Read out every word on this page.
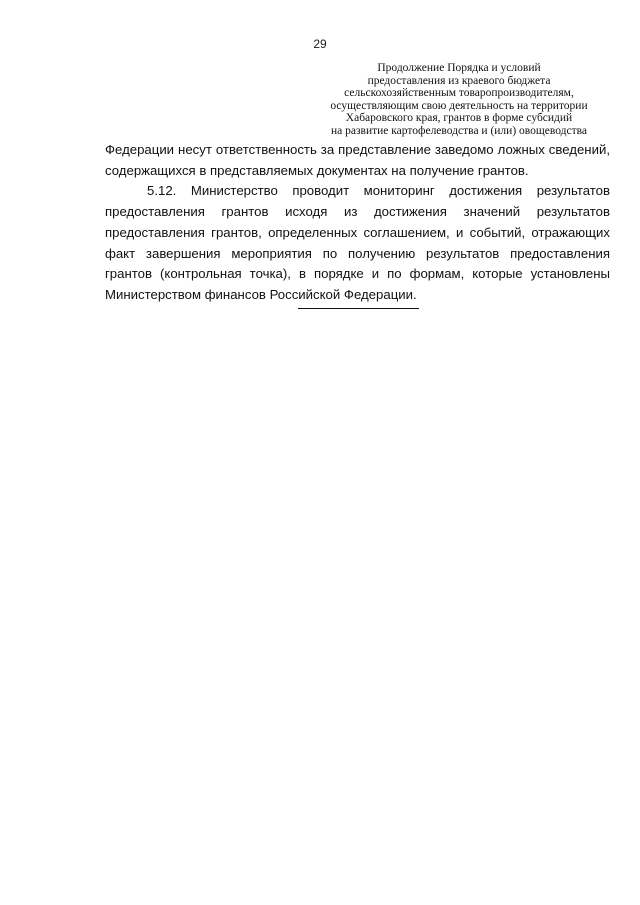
29
Продолжение Порядка и условий
предоставления из краевого бюджета
сельскохозяйственным товаропроизводителям,
осуществляющим свою деятельность на территории
Хабаровского края, грантов в форме субсидий
на развитие картофелеводства и (или) овощеводства

Федерации несут ответственность за представление заведомо ложных сведений, содержащихся в представляемых документах на получение грантов.

5.12. Министерство проводит мониторинг достижения результатов предоставления грантов исходя из достижения значений результатов предоставления грантов, определенных соглашением, и событий, отражающих факт завершения мероприятия по получению результатов предоставления грантов (контрольная точка), в порядке и по формам, которые установлены Министерством финансов Российской Федерации.
